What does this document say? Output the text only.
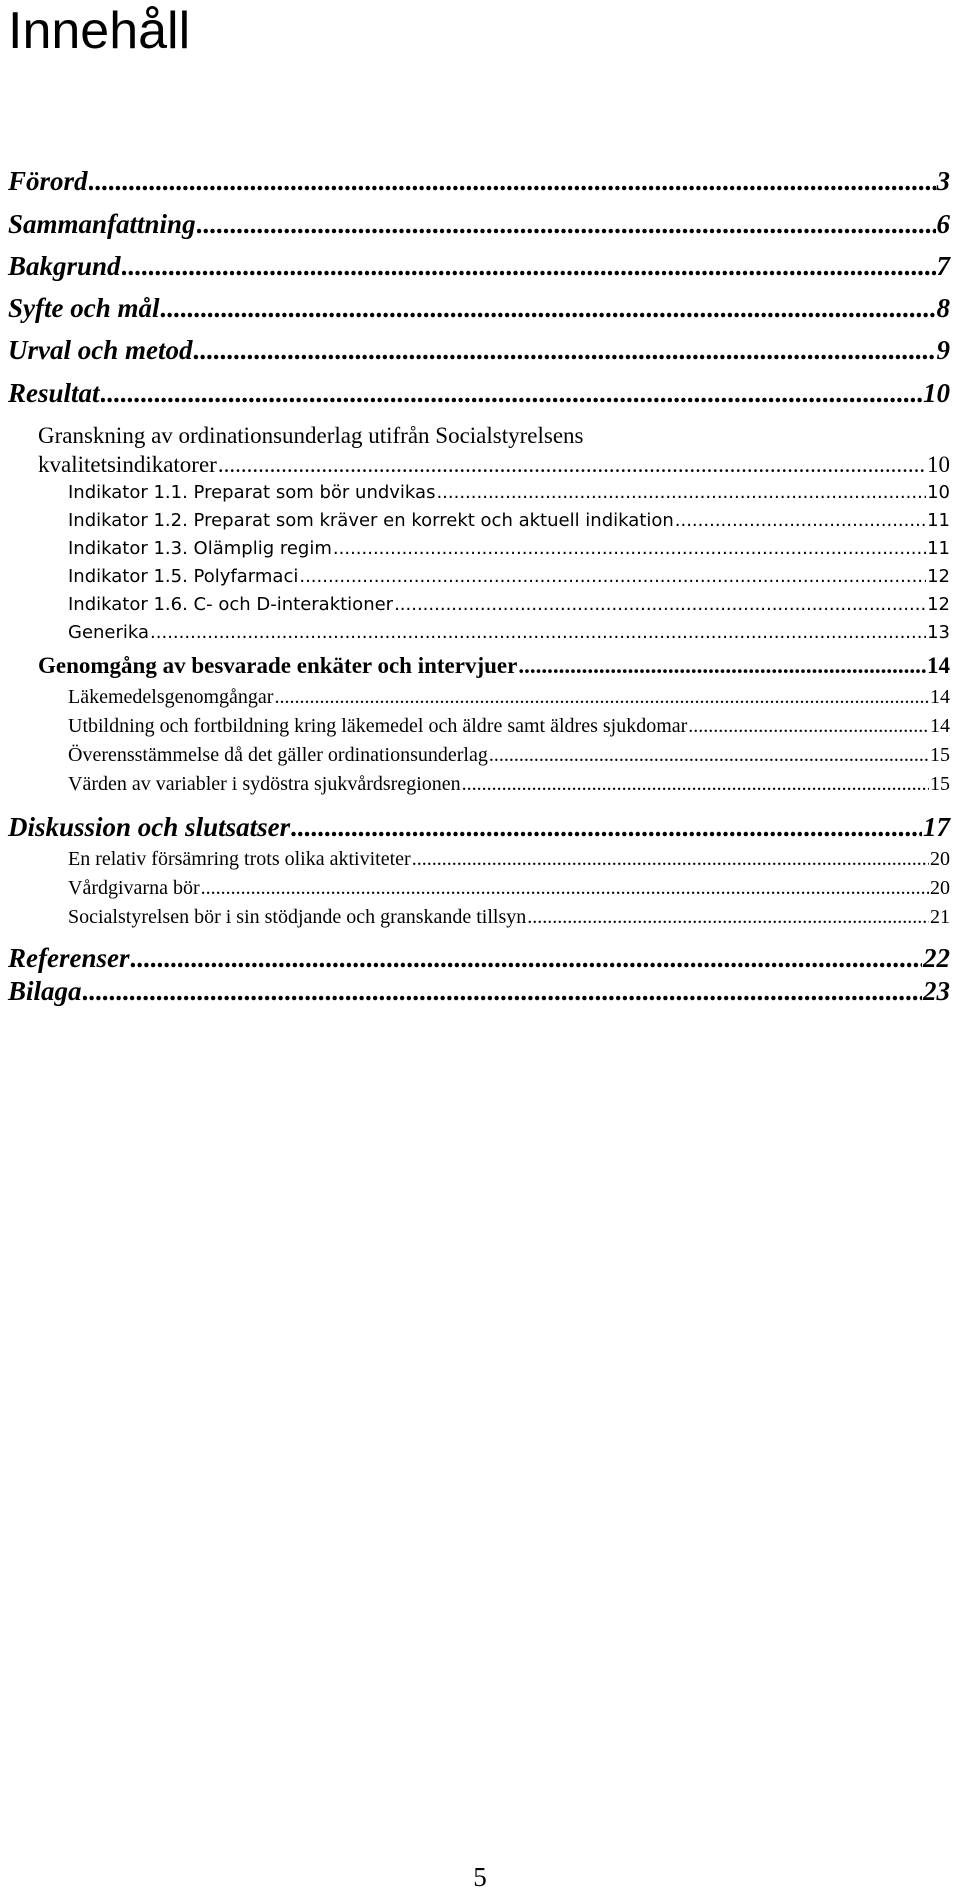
Innehåll
Förord .....	3
Sammanfattning .....	6
Bakgrund .....	7
Syfte och mål .....	8
Urval och metod .....	9
Resultat .....	10
Granskning av ordinationsunderlag utifrån Socialstyrelsens
kvalitetsindikatorer .....	10
Indikator 1.1. Preparat som bör undvikas .....	10
Indikator 1.2. Preparat som kräver en korrekt och aktuell indikation .....	11
Indikator 1.3. Olämplig regim .....	11
Indikator 1.5. Polyfarmaci .....	12
Indikator 1.6. C- och D-interaktioner .....	12
Generika .....	13
Genomgång av besvarade enkäter och intervjuer .....	14
Läkemedelsgenomgångar .....	14
Utbildning och fortbildning kring läkemedel och äldre samt äldres sjukdomar .....	14
Överensstämmelse då det gäller ordinationsunderlag .....	15
Värden av variabler i sydöstra sjukvårdsregionen .....	15
Diskussion och slutsatser .....	17
En relativ försämring trots olika aktiviteter .....	20
Vårdgivarna bör .....	20
Socialstyrelsen bör i sin stödjande och granskande tillsyn .....	21
Referenser .....	22
Bilaga .....	23
5
